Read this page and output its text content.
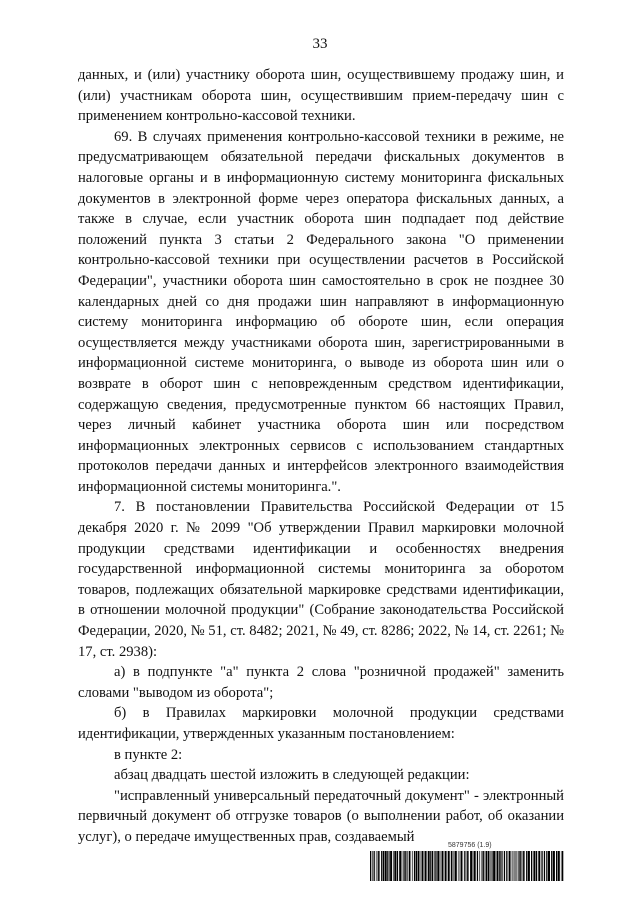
33

данных, и (или) участнику оборота шин, осуществившему продажу шин, и (или) участникам оборота шин, осуществившим прием-передачу шин с применением контрольно-кассовой техники.

69. В случаях применения контрольно-кассовой техники в режиме, не предусматривающем обязательной передачи фискальных документов в налоговые органы и в информационную систему мониторинга фискальных документов в электронной форме через оператора фискальных данных, а также в случае, если участник оборота шин подпадает под действие положений пункта 3 статьи 2 Федерального закона "О применении контрольно-кассовой техники при осуществлении расчетов в Российской Федерации", участники оборота шин самостоятельно в срок не позднее 30 календарных дней со дня продажи шин направляют в информационную систему мониторинга информацию об обороте шин, если операция осуществляется между участниками оборота шин, зарегистрированными в информационной системе мониторинга, о выводе из оборота шин или о возврате в оборот шин с неповрежденным средством идентификации, содержащую сведения, предусмотренные пунктом 66 настоящих Правил, через личный кабинет участника оборота шин или посредством информационных электронных сервисов с использованием стандартных протоколов передачи данных и интерфейсов электронного взаимодействия информационной системы мониторинга.".

7. В постановлении Правительства Российской Федерации от 15 декабря 2020 г. № 2099 "Об утверждении Правил маркировки молочной продукции средствами идентификации и особенностях внедрения государственной информационной системы мониторинга за оборотом товаров, подлежащих обязательной маркировке средствами идентификации, в отношении молочной продукции" (Собрание законодательства Российской Федерации, 2020, № 51, ст. 8482; 2021, № 49, ст. 8286; 2022, № 14, ст. 2261; № 17, ст. 2938):

а) в подпункте "а" пункта 2 слова "розничной продажей" заменить словами "выводом из оборота";

б) в Правилах маркировки молочной продукции средствами идентификации, утвержденных указанным постановлением:

в пункте 2:

абзац двадцать шестой изложить в следующей редакции:

"исправленный универсальный передаточный документ" - электронный первичный документ об отгрузке товаров (о выполнении работ, об оказании услуг), о передаче имущественных прав, создаваемый

5879756 (1.9)
